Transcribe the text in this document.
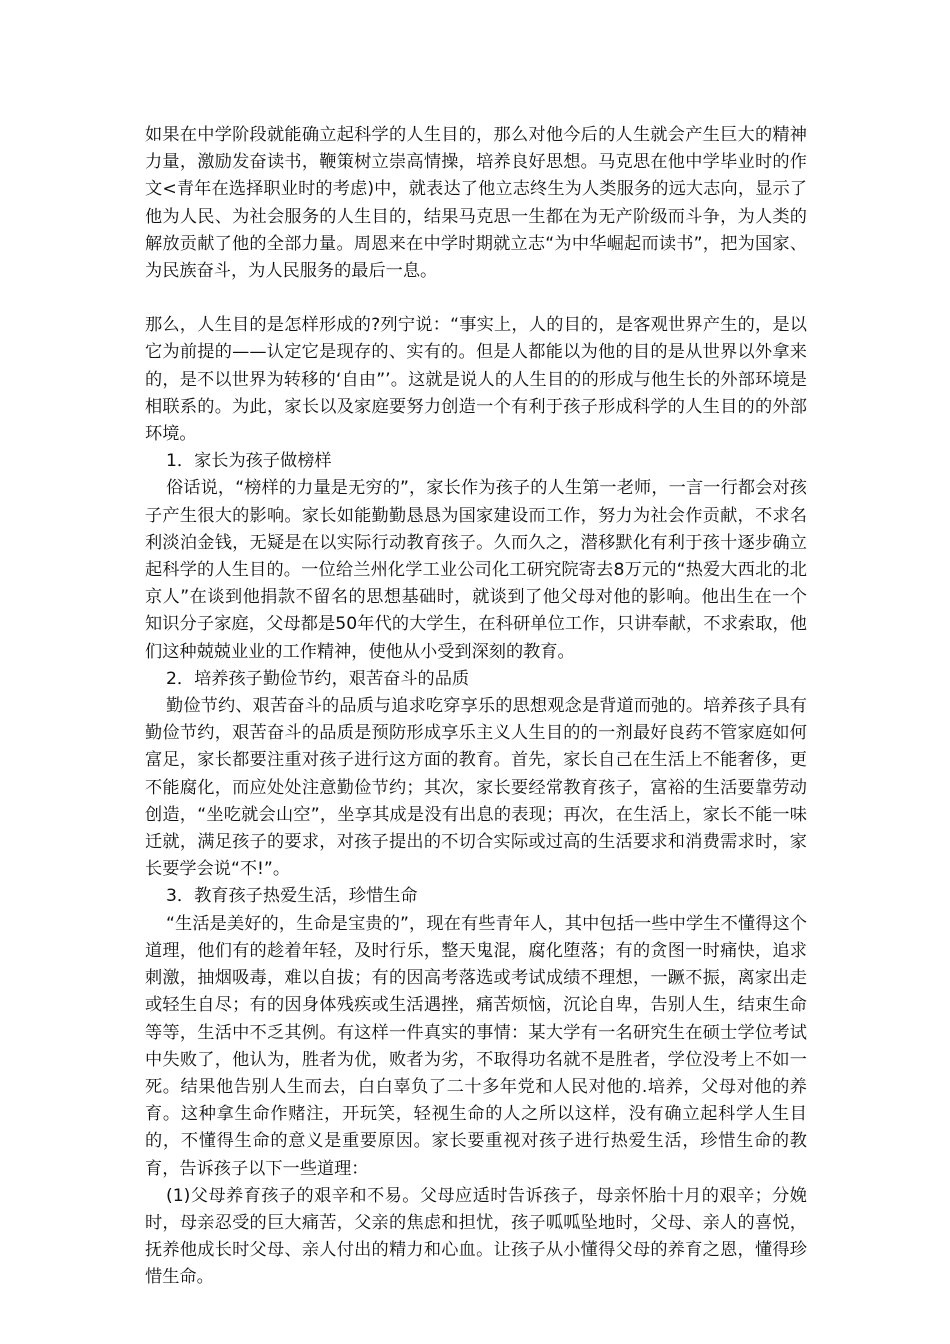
如果在中学阶段就能确立起科学的人生目的，那么对他今后的人生就会产生巨大的精神力量，激励发奋读书，鞭策树立崇高情操，培养良好思想。马克思在他中学毕业时的作文<青年在选择职业时的考虑)中，就表达了他立志终生为人类服务的远大志向，显示了他为人民、为社会服务的人生目的，结果马克思一生都在为无产阶级而斗争，为人类的解放贡献了他的全部力量。周恩来在中学时期就立志“为中华崛起而读书”，把为国家、为民族奋斗，为人民服务的最后一息。

那么，人生目的是怎样形成的?列宁说：“事实上，人的目的，是客观世界产生的，是以它为前提的——认定它是现存的、实有的。但是人都能以为他的目的是从世界以外拿来的，是不以世界为转移的‘自由”’。这就是说人的人生目的的形成与他生长的外部环境是相联系的。为此，家长以及家庭要努力创造一个有利于孩子形成科学的人生目的的外部环境。

1．家长为孩子做榜样

俗话说，“榜样的力量是无穷的”，家长作为孩子的人生第一老师，一言一行都会对孩子产生很大的影响。家长如能勤勤恳恳为国家建设而工作，努力为社会作贡献，不求名利淡泊金钱，无疑是在以实际行动教育孩子。久而久之，潜移默化有利于孩十逐步确立起科学的人生目的。一位给兰州化学工业公司化工研究院寄去8万元的“热爱大西北的北京人”在谈到他捐款不留名的思想基础时，就谈到了他父母对他的影响。他出生在一个知识分子家庭，父母都是50年代的大学生，在科研单位工作，只讲奉献，不求索取，他们这种兢兢业业的工作精神，使他从小受到深刻的教育。

2．培养孩子勤俭节约，艰苦奋斗的品质

勤俭节约、艰苦奋斗的品质与追求吃穿享乐的思想观念是背道而弛的。培养孩子具有勤俭节约，艰苦奋斗的品质是预防形成享乐主义人生目的的一剂最好良药不管家庭如何富足，家长都要注重对孩子进行这方面的教育。首先，家长自己在生活上不能奢侈，更不能腐化，而应处处注意勤俭节约；其次，家长要经常教育孩子，富裕的生活要靠劳动创造，“坐吃就会山空”，坐享其成是没有出息的表现；再次，在生活上，家长不能一味迁就，满足孩子的要求，对孩子提出的不切合实际或过高的生活要求和消费需求时，家长要学会说“不!”。

3．教育孩子热爱生活，珍惜生命

“生活是美好的，生命是宝贵的”，现在有些青年人，其中包括一些中学生不懂得这个道理，他们有的趁着年轻，及时行乐，整天鬼混，腐化堕落；有的贪图一时痛快，追求刺激，抽烟吸毒，难以自拔；有的因高考落选或考试成绩不理想，一蹶不振，离家出走或轻生自尽；有的因身体残疾或生活遇挫，痛苦烦恼，沉论自卑，告别人生，结束生命等等，生活中不乏其例。有这样一件真实的事情：某大学有一名研究生在硕士学位考试中失败了，他认为，胜者为优，败者为劣，不取得功名就不是胜者，学位没考上不如一死。结果他告别人生而去，白白辜负了二十多年党和人民对他的.培养，父母对他的养育。这种拿生命作赌注，开玩笑，轻视生命的人之所以这样，没有确立起科学人生目的，不懂得生命的意义是重要原因。家长要重视对孩子进行热爱生活，珍惜生命的教育，告诉孩子以下一些道理：

(1)父母养育孩子的艰辛和不易。父母应适时告诉孩子，母亲怀胎十月的艰辛；分娩时，母亲忍受的巨大痛苦，父亲的焦虑和担忧，孩子呱呱坠地时，父母、亲人的喜悦，抚养他成长时父母、亲人付出的精力和心血。让孩子从小懂得父母的养育之恩，懂得珍惜生命。
